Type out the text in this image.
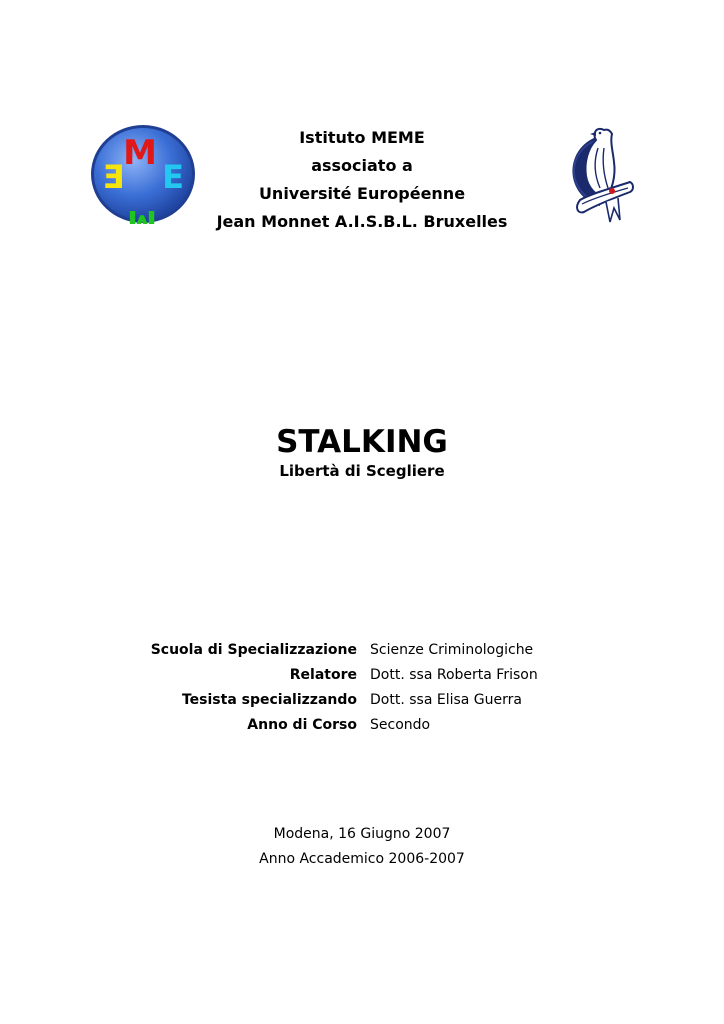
M
E E
M
Istituto MEME
associato a
Université Européenne
Jean Monnet A.I.S.B.L. Bruxelles
STALKING
Libertà di Scegliere
Scuola di Specializzazione Scienze Criminologiche
Relatore Dott. ssa Roberta Frison
Tesista specializzando Dott. ssa Elisa Guerra
Anno di Corso Secondo
Modena, 16 Giugno 2007
Anno Accademico 2006-2007
